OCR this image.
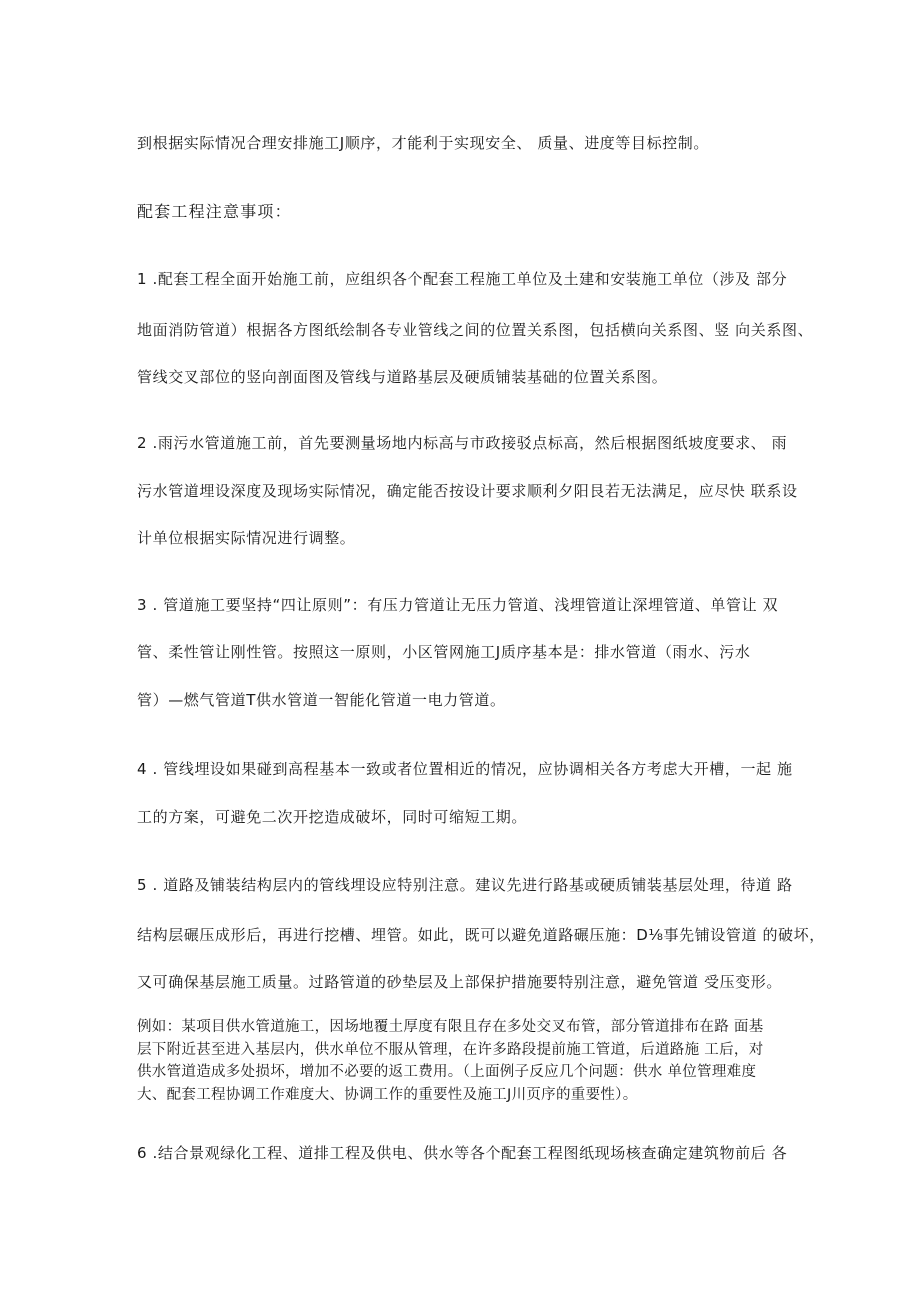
到根据实际情况合理安排施工J顺序，才能利于实现安全、 质量、进度等目标控制。
配套工程注意事项：
1 .配套工程全面开始施工前，应组织各个配套工程施工单位及土建和安装施工单位（涉及 部分
地面消防管道）根据各方图纸绘制各专业管线之间的位置关系图，包括横向关系图、竖 向关系图、
管线交叉部位的竖向剖面图及管线与道路基层及硬质铺装基础的位置关系图。
2 .雨污水管道施工前，首先要测量场地内标高与市政接驳点标高，然后根据图纸坡度要求、 雨
污水管道埋设深度及现场实际情况，确定能否按设计要求顺利夕阳艮若无法满足，应尽快 联系设
计单位根据实际情况进行调整。
3 . 管道施工要坚持“四让原则”：有压力管道让无压力管道、浅埋管道让深埋管道、单管让 双
管、柔性管让刚性管。按照这一原则，小区管网施工J质序基本是：排水管道（雨水、污水
管）—燃气管道T供水管道一智能化管道一电力管道。
4 . 管线埋设如果碰到高程基本一致或者位置相近的情况，应协调相关各方考虑大开槽，一起 施
工的方案，可避免二次开挖造成破坏，同时可缩短工期。
5 . 道路及铺装结构层内的管线埋设应特别注意。建议先进行路基或硬质铺装基层处理，待道 路
结构层碾压成形后，再进行挖槽、埋管。如此，既可以避免道路碾压施：D⅛事先铺设管道 的破坏，
又可确保基层施工质量。过路管道的砂垫层及上部保护措施要特别注意，避免管道 受压变形。
例如：某项目供水管道施工，因场地覆土厚度有限且存在多处交叉布管，部分管道排布在路 面基
层下附近甚至进入基层内，供水单位不服从管理，在许多路段提前施工管道，后道路施 工后，对
供水管道造成多处损坏，增加不必要的返工费用。（上面例子反应几个问题：供水 单位管理难度
大、配套工程协调工作难度大、协调工作的重要性及施工J川页序的重要性）。
6 .结合景观绿化工程、道排工程及供电、供水等各个配套工程图纸现场核查确定建筑物前后 各
